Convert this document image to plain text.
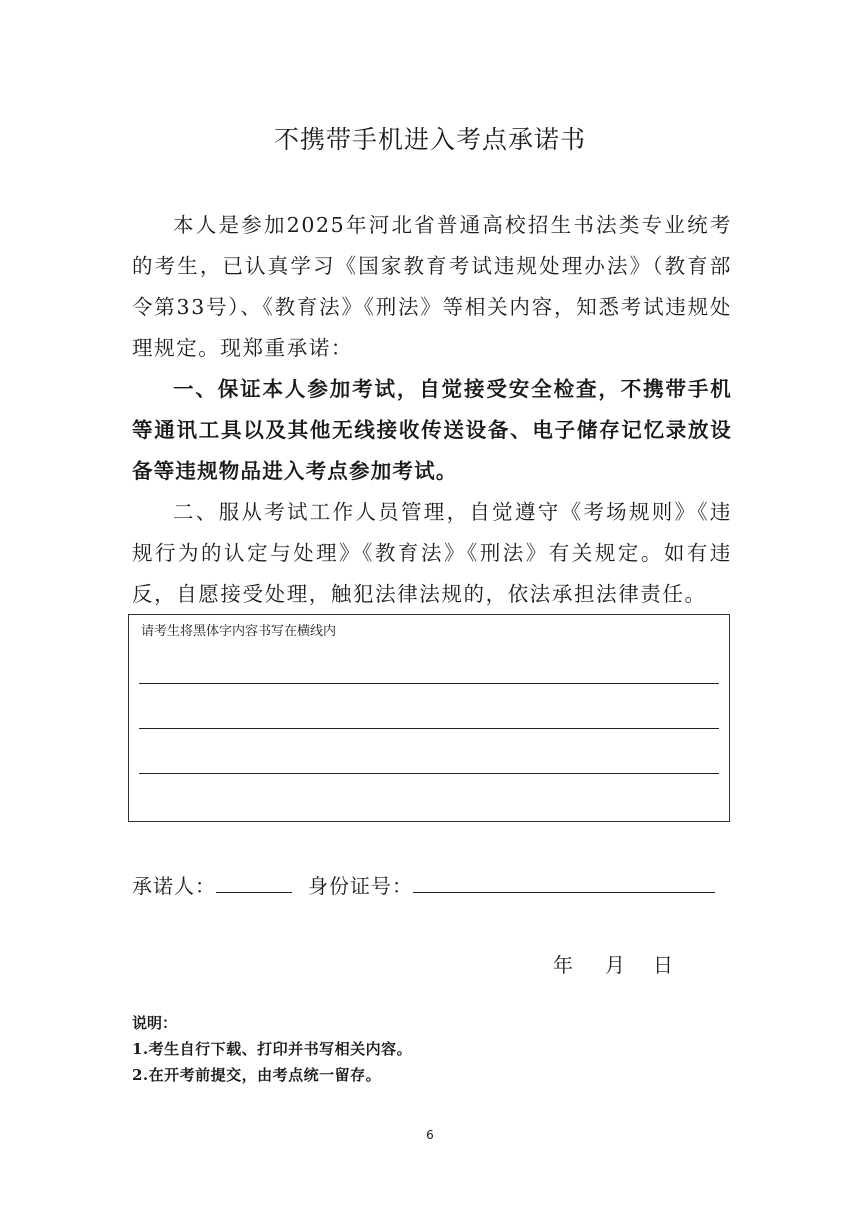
不携带手机进入考点承诺书

本人是参加2025年河北省普通高校招生书法类专业统考的考生，已认真学习《国家教育考试违规处理办法》（教育部令第33号）、《教育法》《刑法》等相关内容，知悉考试违规处理规定。现郑重承诺：

一、保证本人参加考试，自觉接受安全检查，不携带手机等通讯工具以及其他无线接收传送设备、电子储存记忆录放设备等违规物品进入考点参加考试。

二、服从考试工作人员管理，自觉遵守《考场规则》《违规行为的认定与处理》《教育法》《刑法》有关规定。如有违反，自愿接受处理，触犯法律法规的，依法承担法律责任。

请考生将黑体字内容书写在横线内
承诺人：	身份证号：
年 月 日
说明：
1.考生自行下载、打印并书写相关内容。
2.在开考前提交，由考点统一留存。
6
